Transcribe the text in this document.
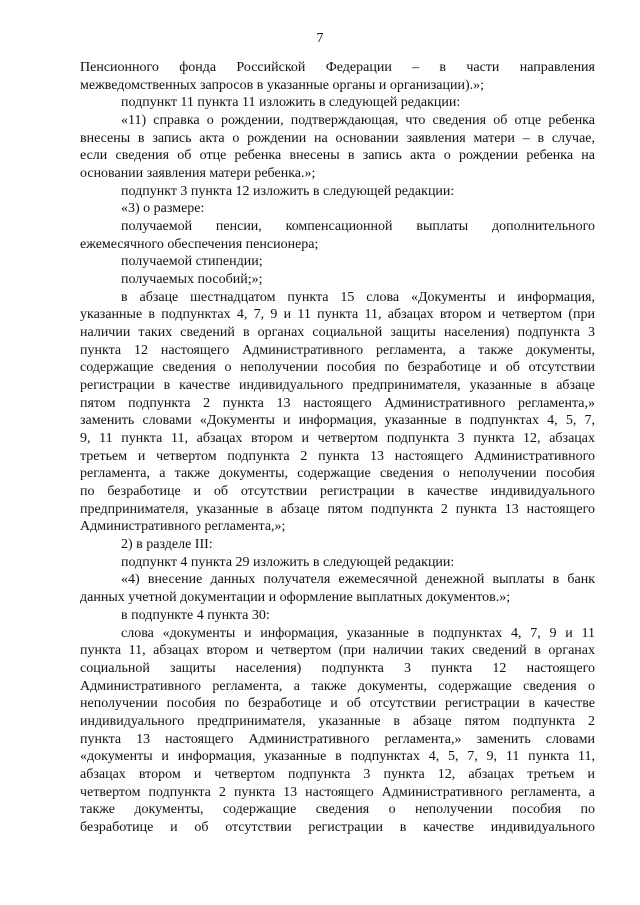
7
Пенсионного фонда Российской Федерации – в части направления
межведомственных запросов в указанные органы и организации).»;
подпункт 11 пункта 11 изложить в следующей редакции:
«11) справка о рождении, подтверждающая, что сведения об отце ребенка
внесены в запись акта о рождении на основании заявления матери – в случае,
если сведения об отце ребенка внесены в запись акта о рождении ребенка на
основании заявления матери ребенка.»;
подпункт 3 пункта 12 изложить в следующей редакции:
«3) о размере:
получаемой пенсии, компенсационной выплаты дополнительного
ежемесячного обеспечения пенсионера;
получаемой стипендии;
получаемых пособий;»;
в абзаце шестнадцатом пункта 15 слова «Документы и информация,
указанные в подпунктах 4, 7, 9 и 11 пункта 11, абзацах втором и четвертом (при
наличии таких сведений в органах социальной защиты населения) подпункта 3
пункта 12 настоящего Административного регламента, а также документы,
содержащие сведения о неполучении пособия по безработице и об отсутствии
регистрации в качестве индивидуального предпринимателя, указанные в абзаце
пятом подпункта 2 пункта 13 настоящего Административного регламента,»
заменить словами «Документы и информация, указанные в подпунктах 4, 5, 7,
9, 11 пункта 11, абзацах втором и четвертом подпункта 3 пункта 12, абзацах
третьем и четвертом подпункта 2 пункта 13 настоящего Административного
регламента, а также документы, содержащие сведения о неполучении пособия
по безработице и об отсутствии регистрации в качестве индивидуального
предпринимателя, указанные в абзаце пятом подпункта 2 пункта 13 настоящего
Административного регламента,»;
2) в разделе III:
подпункт 4 пункта 29 изложить в следующей редакции:
«4) внесение данных получателя ежемесячной денежной выплаты в банк
данных учетной документации и оформление выплатных документов.»;
в подпункте 4 пункта 30:
слова «документы и информация, указанные в подпунктах 4, 7, 9 и 11
пункта 11, абзацах втором и четвертом (при наличии таких сведений в органах
социальной защиты населения) подпункта 3 пункта 12 настоящего
Административного регламента, а также документы, содержащие сведения о
неполучении пособия по безработице и об отсутствии регистрации в качестве
индивидуального предпринимателя, указанные в абзаце пятом подпункта 2
пункта 13 настоящего Административного регламента,» заменить словами
«документы и информация, указанные в подпунктах 4, 5, 7, 9, 11 пункта 11,
абзацах втором и четвертом подпункта 3 пункта 12, абзацах третьем и
четвертом подпункта 2 пункта 13 настоящего Административного регламента, а
также документы, содержащие сведения о неполучении пособия по
безработице и об отсутствии регистрации в качестве индивидуального
